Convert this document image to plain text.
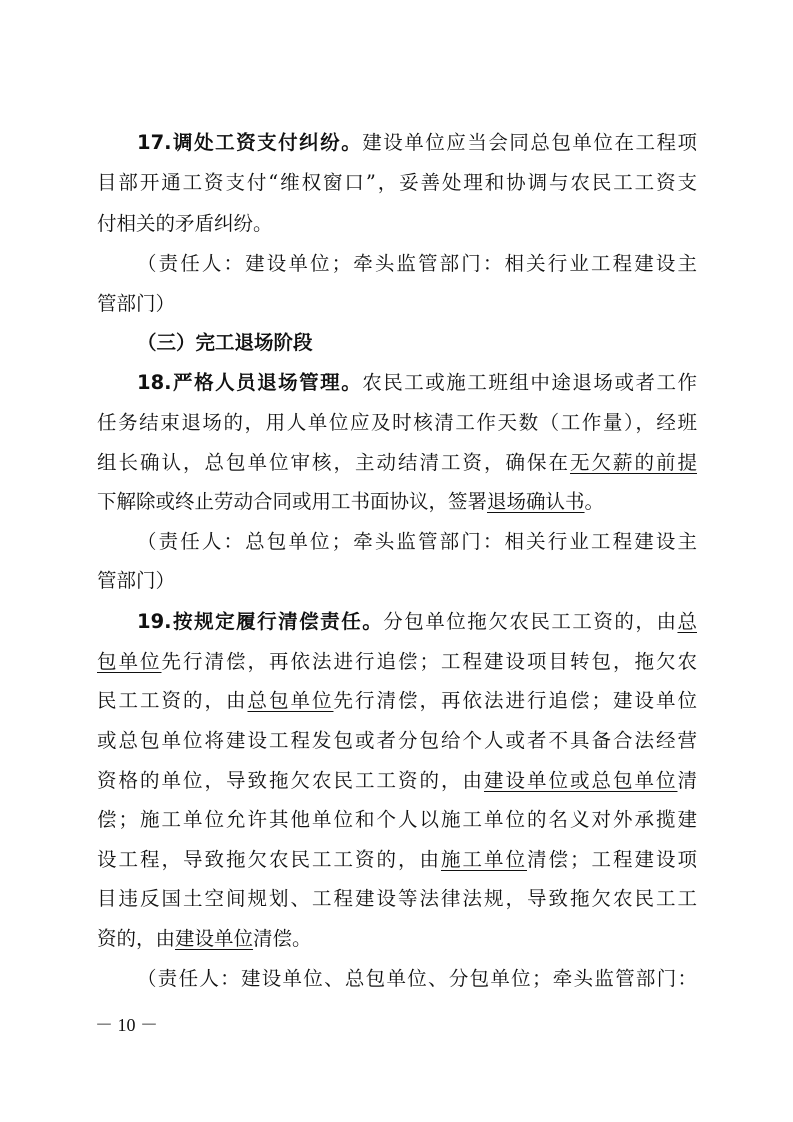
17.调处工资支付纠纷。建设单位应当会同总包单位在工程项
目部开通工资支付“维权窗口”，妥善处理和协调与农民工工资支
付相关的矛盾纠纷。
（责任人：建设单位；牵头监管部门：相关行业工程建设主
管部门）
（三）完工退场阶段
18.严格人员退场管理。农民工或施工班组中途退场或者工作
任务结束退场的，用人单位应及时核清工作天数（工作量），经班
组长确认，总包单位审核，主动结清工资，确保在无欠薪的前提
下解除或终止劳动合同或用工书面协议，签署退场确认书。
（责任人：总包单位；牵头监管部门：相关行业工程建设主
管部门）
19.按规定履行清偿责任。分包单位拖欠农民工工资的，由总
包单位先行清偿，再依法进行追偿；工程建设项目转包，拖欠农
民工工资的，由总包单位先行清偿，再依法进行追偿；建设单位
或总包单位将建设工程发包或者分包给个人或者不具备合法经营
资格的单位，导致拖欠农民工工资的，由建设单位或总包单位清
偿；施工单位允许其他单位和个人以施工单位的名义对外承揽建
设工程，导致拖欠农民工工资的，由施工单位清偿；工程建设项
目违反国土空间规划、工程建设等法律法规，导致拖欠农民工工
资的，由建设单位清偿。
（责任人：建设单位、总包单位、分包单位；牵头监管部门：
－ 10 －
